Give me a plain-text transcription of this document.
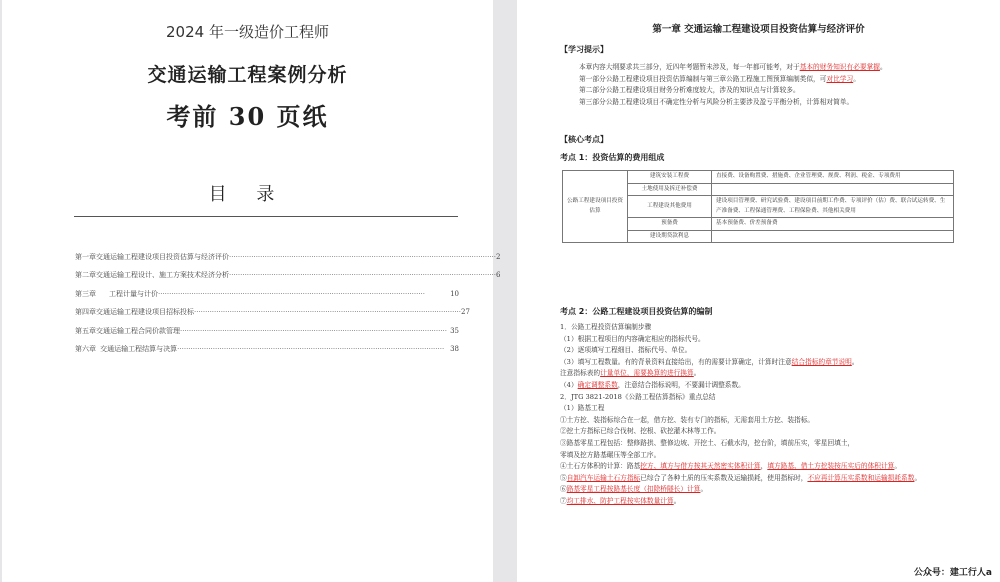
2024 年一级造价工程师
交通运输工程案例分析
考前 30 页纸
目 录
第一章 交通运输工程建设项目投资估算与经济评价 ························································································································ 2
第二章 交通运输工程设计、施工方案技术经济分析 ························································································································ 6
第三章	工程计量与计价 ························································································································	10
第四章 交通运输工程建设项目招标投标 ························································································································ 27
第五章 交通运输工程合同价款管理 ························································································································ 35
第六章 交通运输工程结算与决算 ························································································································ 38
第一章 交通运输工程建设项目投资估算与经济评价
【学习提示】
本章内容大纲要求共三部分，近四年考题暂未涉及，每一年都可能考，对于基本的财务知识有必要掌握。
第一部分公路工程建设项目投资估算编制与第三章公路工程施工图预算编制类似，可对比学习。
第二部分公路工程建设项目财务分析难度较大，涉及的知识点与计算较多。
第三部分公路工程建设项目不确定性分析与风险分析主要涉及盈亏平衡分析，计算相对简单。
【核心考点】
考点 1：投资估算的费用组成
公路工程建设项目投资估算	建筑安装工程费	直接费、设备购置费、措施费、企业管理费、规费、利润、税金、专项费用
	土地使用及拆迁补偿费	
	工程建设其他费用	建设项目管理费、研究试验费、建设项目前期工作费、专项评价（估）费、联合试运转费、生产准备费、工程保通管理费、工程保险费、其他相关费用
	预备费	基本预备费、价差预备费
	建设期贷款利息	
考点 2：公路工程建设项目投资估算的编制
1．公路工程投资估算编制步骤
（1）根据工程项目的内容确定相应的指标代号。
（2）逐项填写工程细目、指标代号、单位。
（3）填写工程数量。有的背景资料直接给出，有的需要计算确定，计算时注意结合指标的章节说明。
注意指标表的计量单位，需要换算的进行换算。
（4）确定调整系数，注意结合指标说明，不要漏计调整系数。
2．JTG 3821-2018《公路工程估算指标》重点总结
（1）路基工程
①土方挖、装指标综合在一起，借方挖、装有专门的指标，无需套用土方挖、装指标。
②挖土方指标已综合伐树、挖根、砍挖灌木林等工作。
③路基零星工程包括：整修路拱、整修边坡、开挖土、石截水沟，挖台阶，填前压实，零星回填土，
零填及挖方路基碾压等全部工序。
④土石方体积的计算：路基挖方、填方与借方按其天然密实体积计算，填方路基、借土方挖装按压实后的体积计算。
⑤自卸汽车运输土石方指标已综合了各种土质的压实系数及运输损耗，使用指标时，不应再计算压实系数和运输损耗系数。
⑥路基零星工程按路基长度（扣除桥隧长）计算。
⑦均工排水、防护工程按实体数量计算。
公众号：建工行人a
